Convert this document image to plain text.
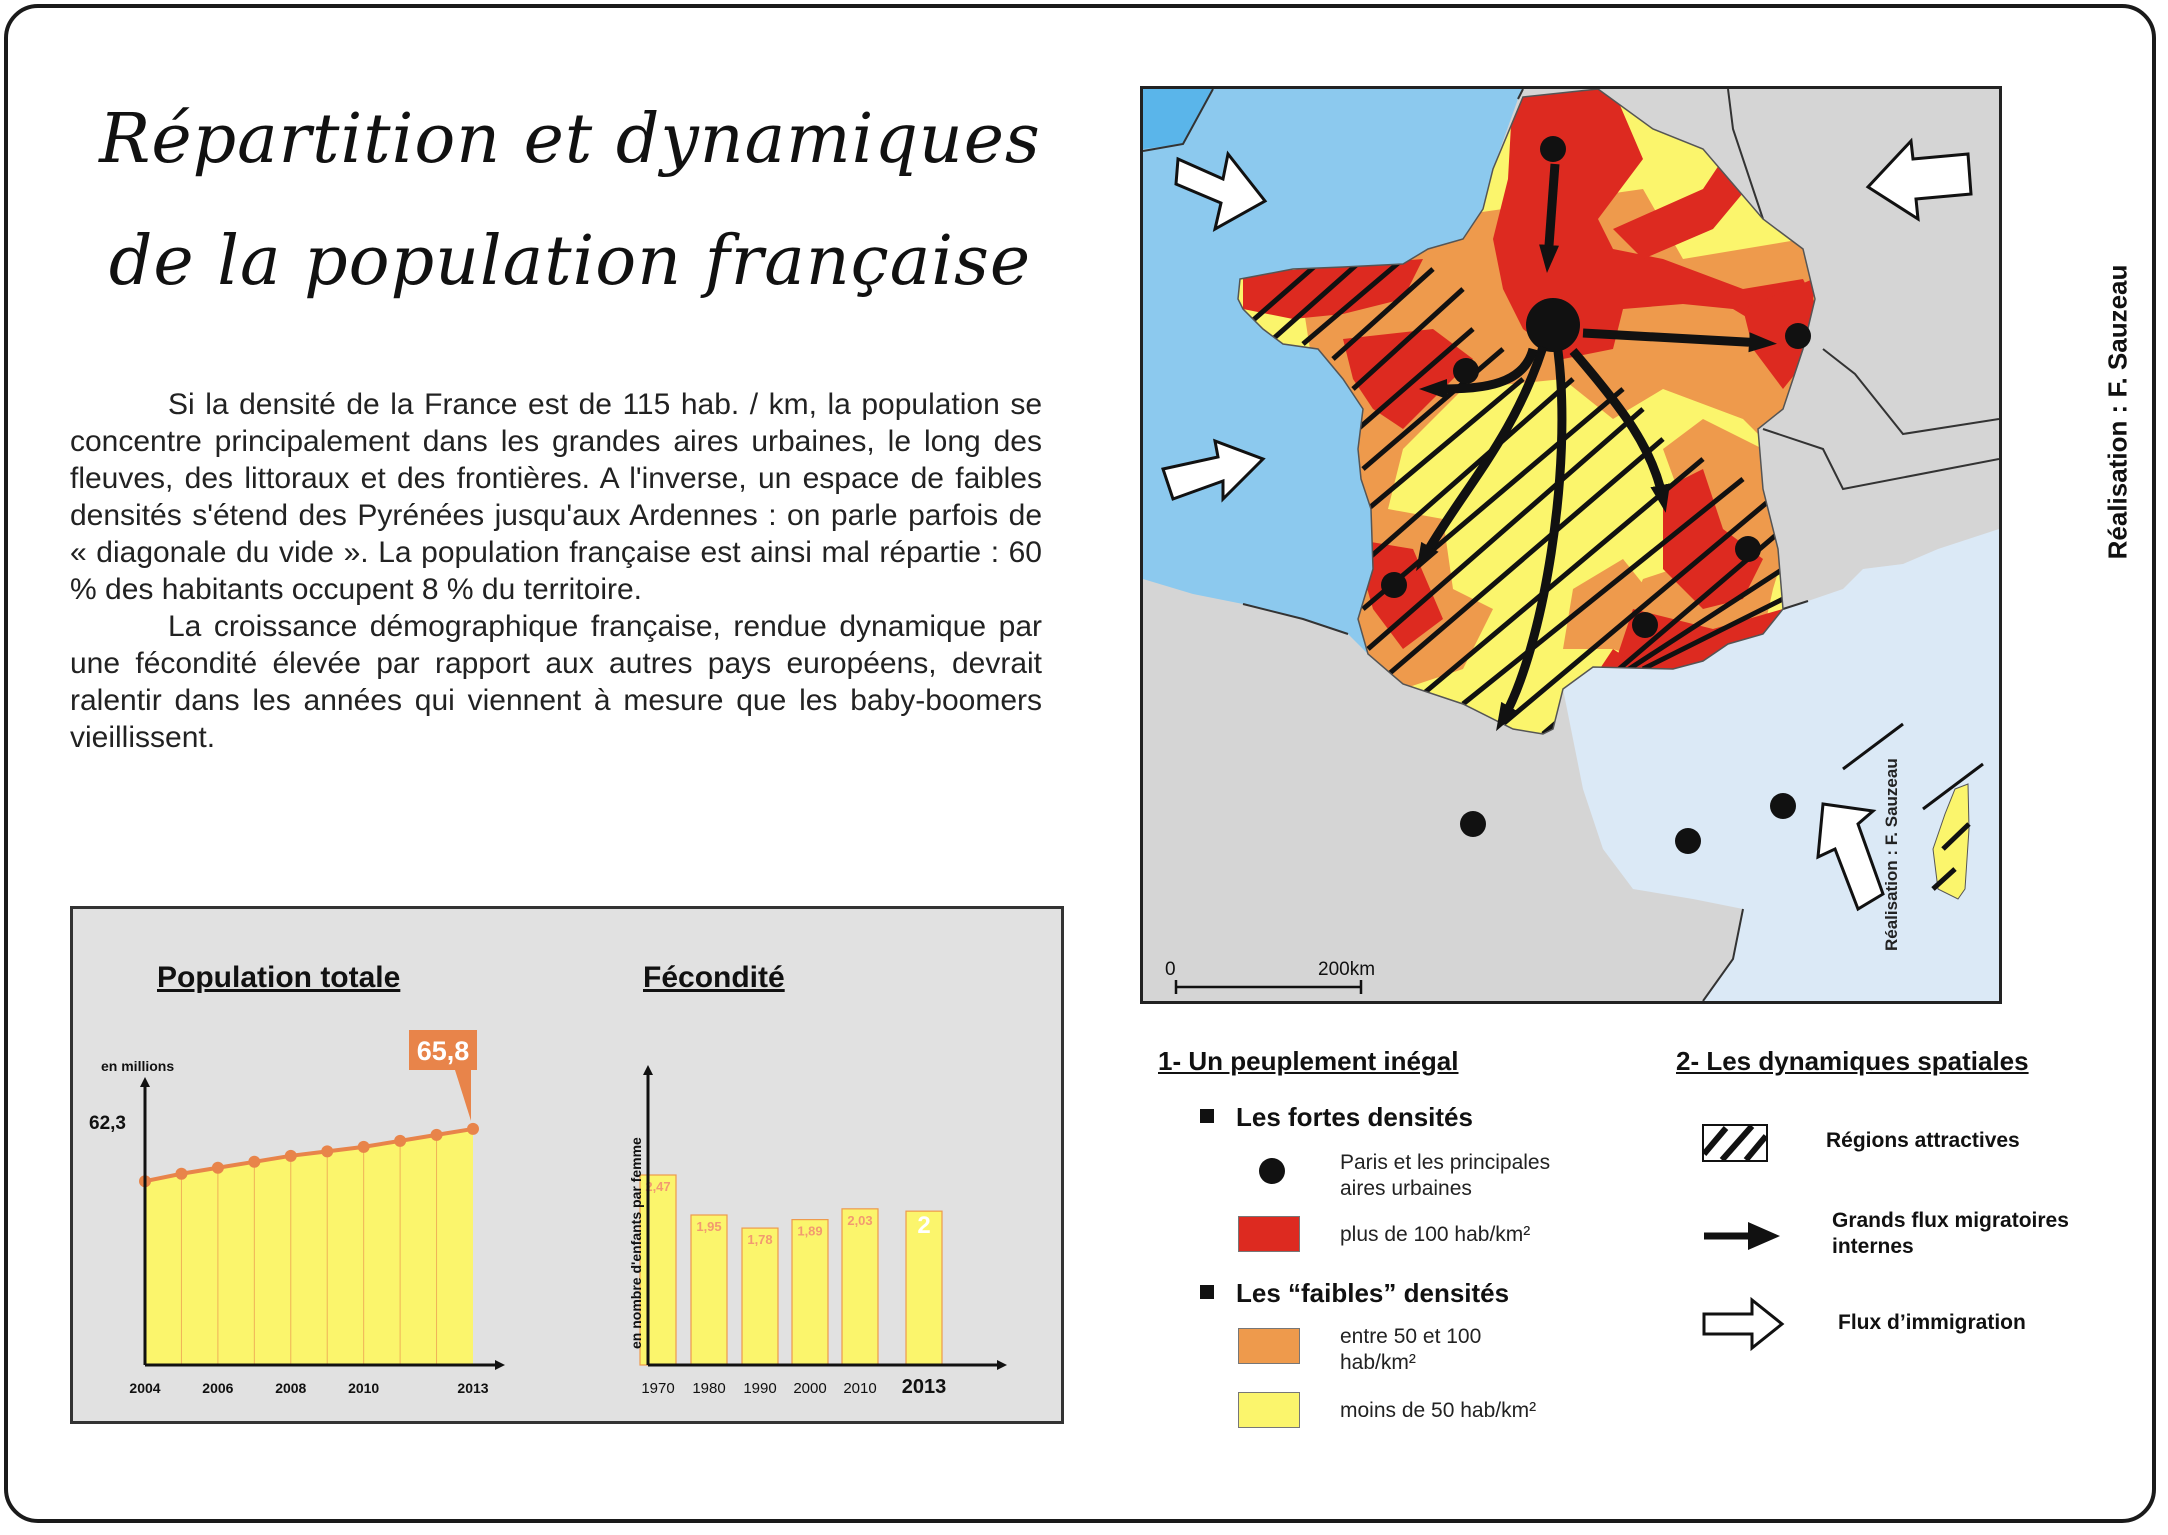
Répartition et dynamiques
de la population française

Si la densité de la France est de 115 hab. / km, la population se concentre principalement dans les grandes aires urbaines, le long des fleuves, des littoraux et des frontières. A l'inverse, un espace de faibles densités s'étend des Pyrénées jusqu'aux Ardennes : on parle parfois de « diagonale du vide ». La population française est ainsi mal répartie : 60 % des habitants occupent 8 % du territoire.

La croissance démographique française, rendue dynamique par une fécondité élevée par rapport aux autres pays européens, devrait ralentir dans les années qui viennent à mesure que les baby-boomers vieillissent.

Population totale	Fécondité
en millions
62,3
65,8
2004	2006	2008	2010	2013
2,47
1970
1,95
1980
1,78
1990
1,89
2000
2,03
2010
2
2013
en nombre d'enfants par femme
0	200km
Réalisation : F. Sauzeau
Réalisation : F. Sauzeau
1- Un peuplement inégal
Les fortes densités
Paris et les principales aires urbaines
plus de 100 hab/km²
Les “faibles” densités
entre 50 et 100 hab/km²
moins de 50 hab/km²
2- Les dynamiques spatiales
Régions attractives
Grands flux migratoires internes
Flux d’immigration
